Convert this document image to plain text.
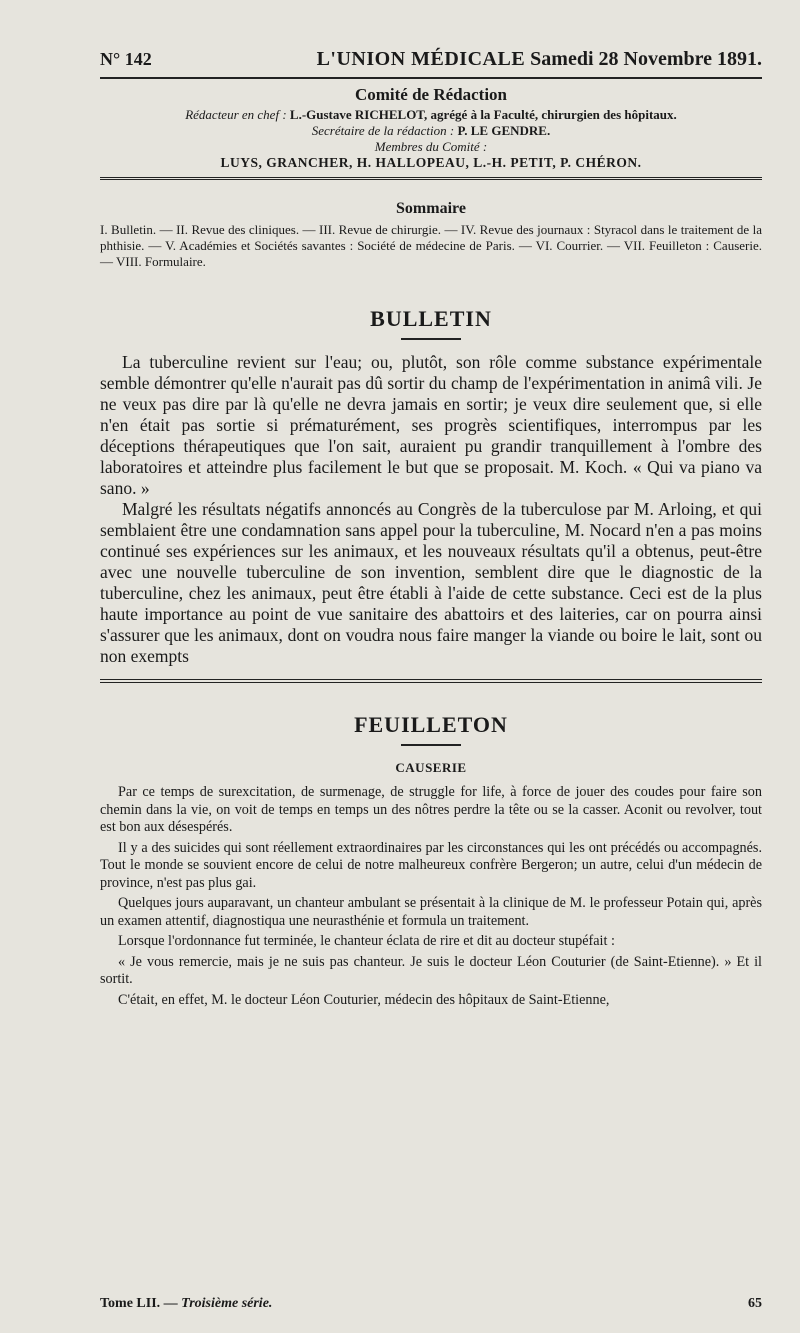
N° 142	L'UNION MÉDICALE Samedi 28 Novembre 1891.
Comité de Rédaction
Rédacteur en chef : L.-Gustave RICHELOT, agrégé à la Faculté, chirurgien des hôpitaux.
Secrétaire de la rédaction : P. LE GENDRE.
Membres du Comité :
LUYS, GRANCHER, H. HALLOPEAU, L.-H. PETIT, P. CHÉRON.
Sommaire
I. Bulletin. — II. Revue des cliniques. — III. Revue de chirurgie. — IV. Revue des journaux : Styracol dans le traitement de la phthisie. — V. Académies et Sociétés savantes : Société de médecine de Paris. — VI. Courrier. — VII. Feuilleton : Causerie. — VIII. Formulaire.
BULLETIN

La tuberculine revient sur l'eau; ou, plutôt, son rôle comme substance expérimentale semble démontrer qu'elle n'aurait pas dû sortir du champ de l'expérimentation in animâ vili. Je ne veux pas dire par là qu'elle ne devra jamais en sortir; je veux dire seulement que, si elle n'en était pas sortie si prématurément, ses progrès scientifiques, interrompus par les déceptions thérapeutiques que l'on sait, auraient pu grandir tranquillement à l'ombre des laboratoires et atteindre plus facilement le but que se proposait. M. Koch. « Qui va piano va sano. »

Malgré les résultats négatifs annoncés au Congrès de la tuberculose par M. Arloing, et qui semblaient être une condamnation sans appel pour la tuberculine, M. Nocard n'en a pas moins continué ses expériences sur les animaux, et les nouveaux résultats qu'il a obtenus, peut-être avec une nouvelle tuberculine de son invention, semblent dire que le diagnostic de la tuberculine, chez les animaux, peut être établi à l'aide de cette substance. Ceci est de la plus haute importance au point de vue sanitaire des abattoirs et des laiteries, car on pourra ainsi s'assurer que les animaux, dont on voudra nous faire manger la viande ou boire le lait, sont ou non exempts

FEUILLETON
CAUSERIE

Par ce temps de surexcitation, de surmenage, de struggle for life, à force de jouer des coudes pour faire son chemin dans la vie, on voit de temps en temps un des nôtres perdre la tête ou se la casser. Aconit ou revolver, tout est bon aux désespérés.

Il y a des suicides qui sont réellement extraordinaires par les circonstances qui les ont précédés ou accompagnés. Tout le monde se souvient encore de celui de notre malheureux confrère Bergeron; un autre, celui d'un médecin de province, n'est pas plus gai.

Quelques jours auparavant, un chanteur ambulant se présentait à la clinique de M. le professeur Potain qui, après un examen attentif, diagnostiqua une neurasthénie et formula un traitement.

Lorsque l'ordonnance fut terminée, le chanteur éclata de rire et dit au docteur stupéfait :

« Je vous remercie, mais je ne suis pas chanteur. Je suis le docteur Léon Couturier (de Saint-Etienne). » Et il sortit.

C'était, en effet, M. le docteur Léon Couturier, médecin des hôpitaux de Saint-Etienne,

Tome LII. — Troisième série.	65
